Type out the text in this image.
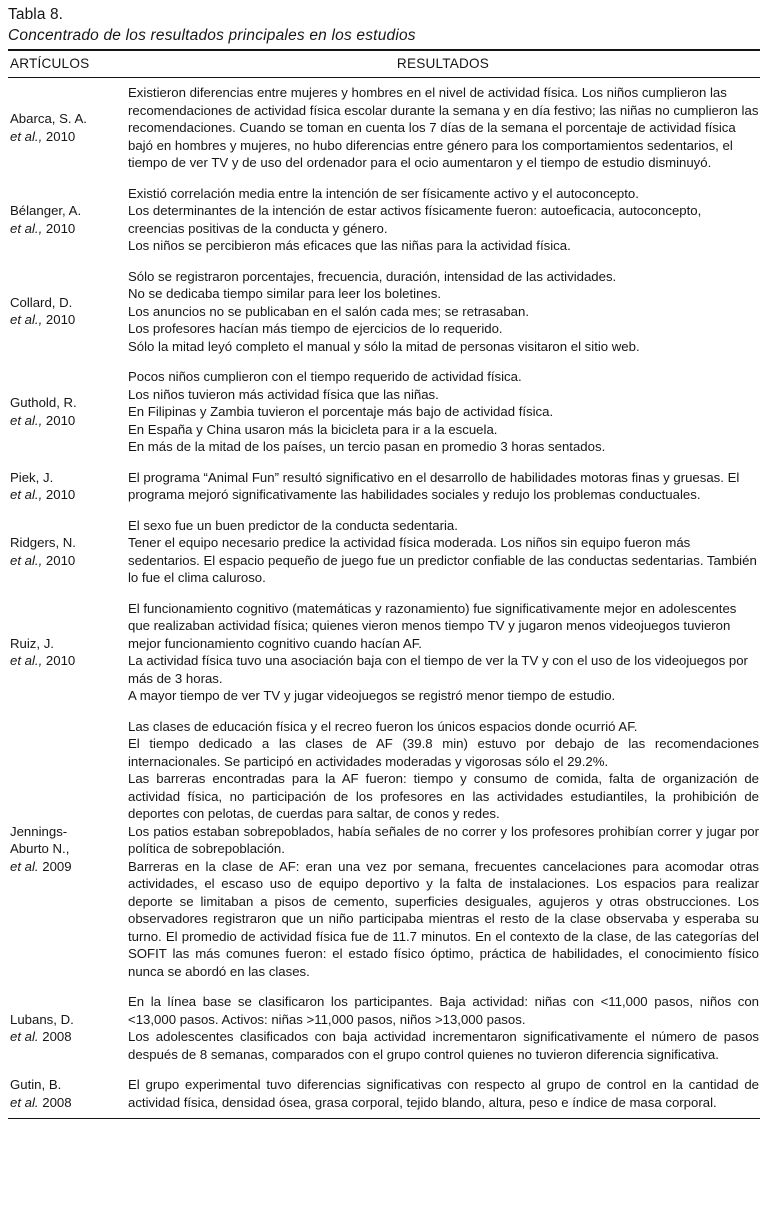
Tabla 8.
Concentrado de los resultados principales en los estudios
ARTÍCULOS	RESULTADOS
Abarca, S. A.
et al., 2010

Existieron diferencias entre mujeres y hombres en el nivel de actividad física. Los niños cumplieron las recomendaciones de actividad física escolar durante la semana y en día festivo; las niñas no cumplieron las recomendaciones. Cuando se toman en cuenta los 7 días de la semana el porcentaje de actividad física bajó en hombres y mujeres, no hubo diferencias entre género para los comportamientos sedentarios, el tiempo de ver TV y de uso del ordenador para el ocio aumentaron y el tiempo de estudio disminuyó.

Bélanger, A.
et al., 2010

Existió correlación media entre la intención de ser físicamente activo y el autoconcepto.

Los determinantes de la intención de estar activos físicamente fueron: autoeficacia, autoconcepto, creencias positivas de la conducta y género.

Los niños se percibieron más eficaces que las niñas para la actividad física.

Collard, D.
et al., 2010

Sólo se registraron porcentajes, frecuencia, duración, intensidad de las actividades.

No se dedicaba tiempo similar para leer los boletines.

Los anuncios no se publicaban en el salón cada mes; se retrasaban.

Los profesores hacían más tiempo de ejercicios de lo requerido.

Sólo la mitad leyó completo el manual y sólo la mitad de personas visitaron el sitio web.

Guthold, R.
et al., 2010

Pocos niños cumplieron con el tiempo requerido de actividad física.

Los niños tuvieron más actividad física que las niñas.

En Filipinas y Zambia tuvieron el porcentaje más bajo de actividad física.

En España y China usaron más la bicicleta para ir a la escuela.

En más de la mitad de los países, un tercio pasan en promedio 3 horas sentados.

Piek, J.
et al., 2010

El programa “Animal Fun” resultó significativo en el desarrollo de habilidades motoras finas y gruesas. El programa mejoró significativamente las habilidades sociales y redujo los problemas conductuales.

Ridgers, N.
et al., 2010

El sexo fue un buen predictor de la conducta sedentaria.

Tener el equipo necesario predice la actividad física moderada. Los niños sin equipo fueron más sedentarios. El espacio pequeño de juego fue un predictor confiable de las conductas sedentarias. También lo fue el clima caluroso.

Ruiz, J.
et al., 2010

El funcionamiento cognitivo (matemáticas y razonamiento) fue significativamente mejor en adolescentes que realizaban actividad física; quienes vieron menos tiempo TV y jugaron menos videojuegos tuvieron mejor funcionamiento cognitivo cuando hacían AF.

La actividad física tuvo una asociación baja con el tiempo de ver la TV y con el uso de los videojuegos por más de 3 horas.

A mayor tiempo de ver TV y jugar videojuegos se registró menor tiempo de estudio.

Jennings-
Aburto N.,
et al. 2009

Las clases de educación física y el recreo fueron los únicos espacios donde ocurrió AF.

El tiempo dedicado a las clases de AF (39.8 min) estuvo por debajo de las recomendaciones internacionales. Se participó en actividades moderadas y vigorosas sólo el 29.2%.

Las barreras encontradas para la AF fueron: tiempo y consumo de comida, falta de organización de actividad física, no participación de los profesores en las actividades estudiantiles, la prohibición de deportes con pelotas, de cuerdas para saltar, de conos y redes.

Los patios estaban sobrepoblados, había señales de no correr y los profesores prohibían correr y jugar por política de sobrepoblación.

Barreras en la clase de AF: eran una vez por semana, frecuentes cancelaciones para acomodar otras actividades, el escaso uso de equipo deportivo y la falta de instalaciones. Los espacios para realizar deporte se limitaban a pisos de cemento, superficies desiguales, agujeros y otras obstrucciones. Los observadores registraron que un niño participaba mientras el resto de la clase observaba y esperaba su turno. El promedio de actividad física fue de 11.7 minutos. En el contexto de la clase, de las categorías del SOFIT las más comunes fueron: el estado físico óptimo, práctica de habilidades, el conocimiento físico nunca se abordó en las clases.

Lubans, D.
et al. 2008

En la línea base se clasificaron los participantes. Baja actividad: niñas con <11,000 pasos, niños con <13,000 pasos. Activos: niñas >11,000 pasos, niños >13,000 pasos.

Los adolescentes clasificados con baja actividad incrementaron significativamente el número de pasos después de 8 semanas, comparados con el grupo control quienes no tuvieron diferencia significativa.

Gutin, B.
et al. 2008

El grupo experimental tuvo diferencias significativas con respecto al grupo de control en la cantidad de actividad física, densidad ósea, grasa corporal, tejido blando, altura, peso e índice de masa corporal.
